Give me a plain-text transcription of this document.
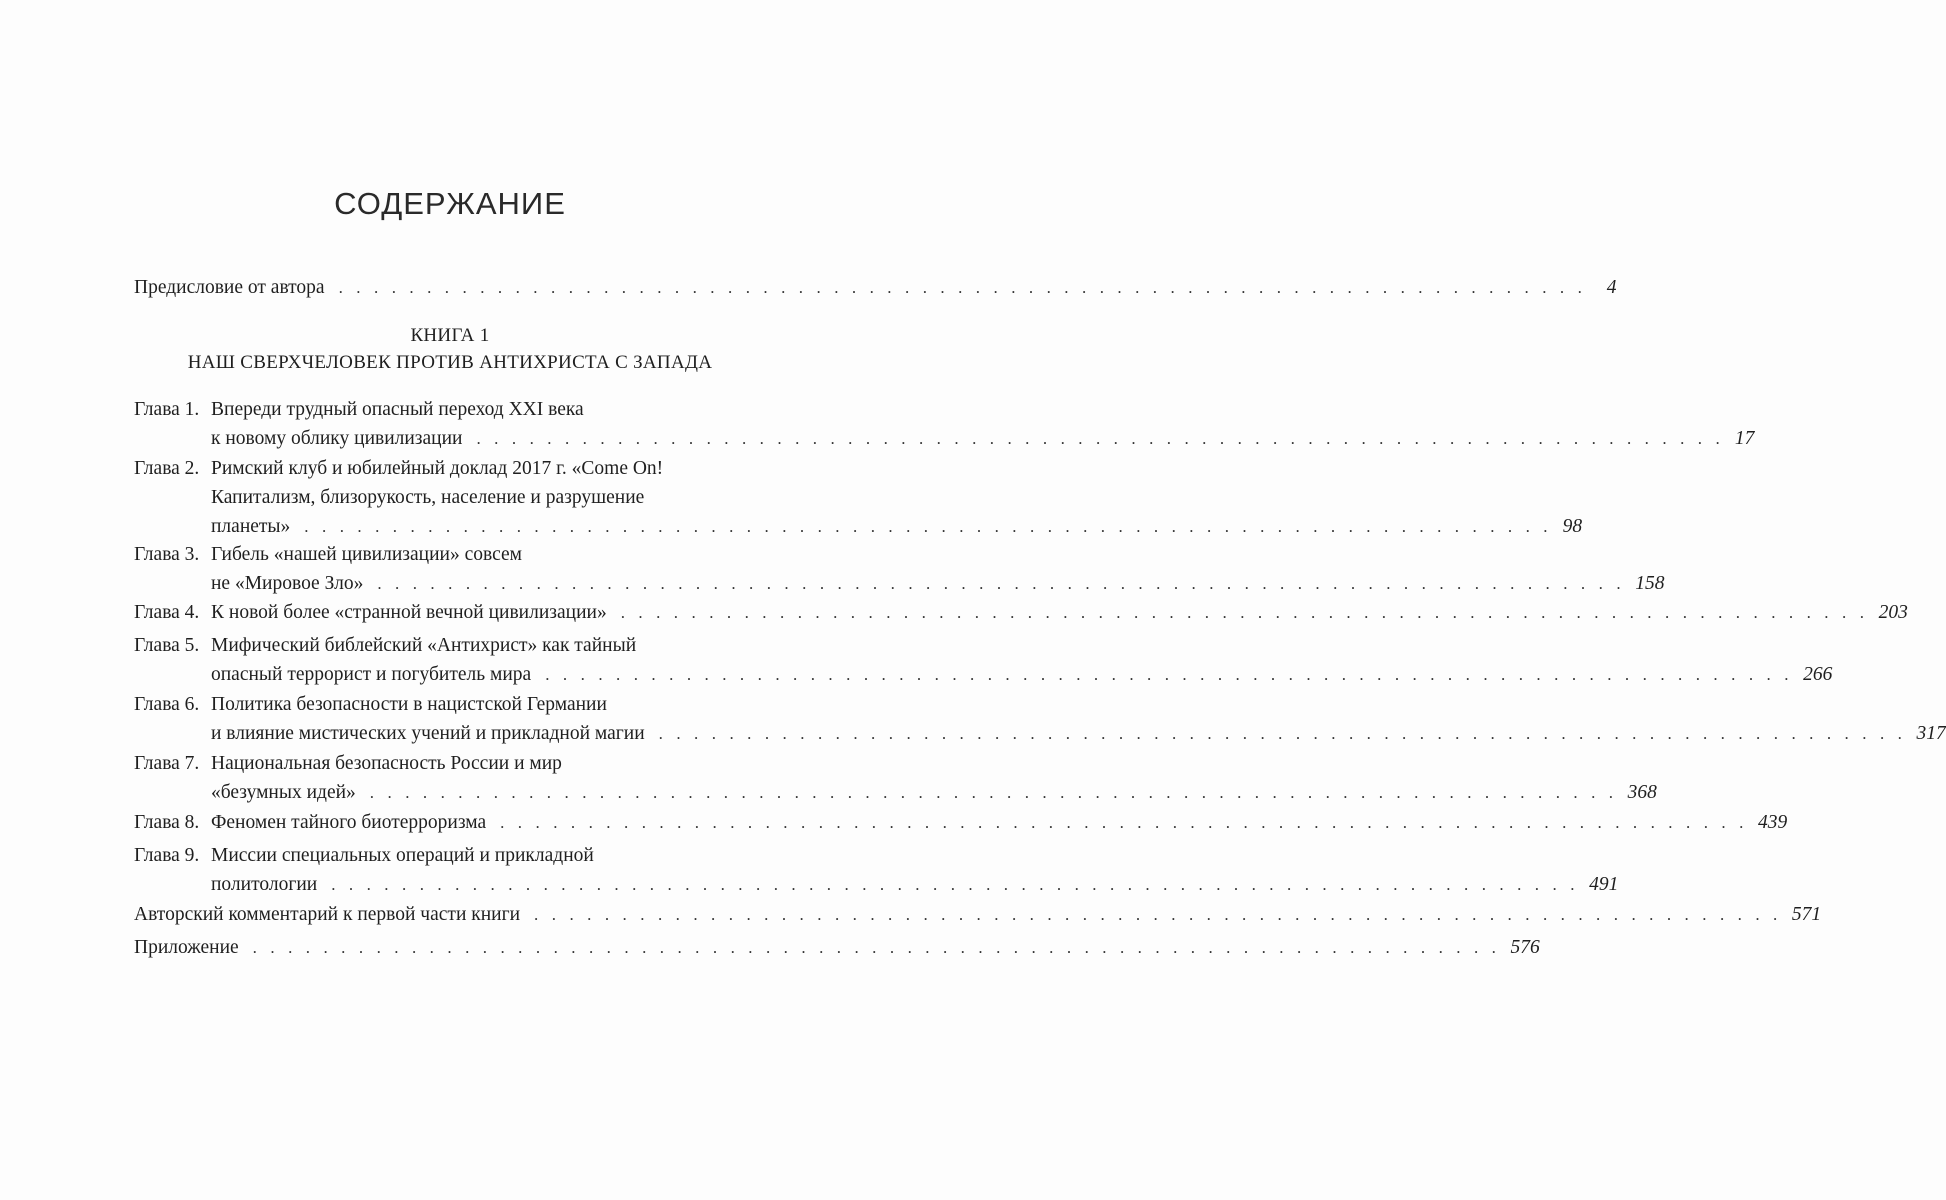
СОДЕРЖАНИЕ
Предисловие от автора . . . . . . . . . . . . . . . . . . . . . . . . . . . . . . . . . . . . . . . . . . . . . . . . . . . . . . . . . . . . . . . . . . . . . . .	4
КНИГА 1
НАШ СВЕРХЧЕЛОВЕК ПРОТИВ АНТИХРИСТА С ЗАПАДА
Глава 1. Впереди трудный опасный переход XXI века
к новому облику цивилизации . . . . . . . . . . . . . . . . . . . . . . . . . . . . . . . . . . . . . . . . . . . . . . . . . . . . . . . . . . . . . . . . . . . . . . . 17
Глава 2. Римский клуб и юбилейный доклад 2017 г. «Come On!
Капитализм, близорукость, население и разрушение
планеты» . . . . . . . . . . . . . . . . . . . . . . . . . . . . . . . . . . . . . . . . . . . . . . . . . . . . . . . . . . . . . . . . . . . . . . . 98
Глава 3. Гибель «нашей цивилизации» совсем
не «Мировое Зло» . . . . . . . . . . . . . . . . . . . . . . . . . . . . . . . . . . . . . . . . . . . . . . . . . . . . . . . . . . . . . . . . . . . . . . . 158
Глава 4. К новой более «странной вечной цивилизации» . . . . . . . . . . . . . . . . . . . . . . . . . . . . . . . . . . . . . . . . . . . . . . . . . . . . . . . . . . . . . . . . . . . . . . . 203
Глава 5. Мифический библейский «Антихрист» как тайный
опасный террорист и погубитель мира . . . . . . . . . . . . . . . . . . . . . . . . . . . . . . . . . . . . . . . . . . . . . . . . . . . . . . . . . . . . . . . . . . . . . . . 266
Глава 6. Политика безопасности в нацистской Германии
и влияние мистических учений и прикладной магии . . . . . . . . . . . . . . . . . . . . . . . . . . . . . . . . . . . . . . . . . . . . . . . . . . . . . . . . . . . . . . . . . . . . . . . 317
Глава 7. Национальная безопасность России и мир
«безумных идей» . . . . . . . . . . . . . . . . . . . . . . . . . . . . . . . . . . . . . . . . . . . . . . . . . . . . . . . . . . . . . . . . . . . . . . . 368
Глава 8. Феномен тайного биотерроризма . . . . . . . . . . . . . . . . . . . . . . . . . . . . . . . . . . . . . . . . . . . . . . . . . . . . . . . . . . . . . . . . . . . . . . . 439
Глава 9. Миссии специальных операций и прикладной
политологии . . . . . . . . . . . . . . . . . . . . . . . . . . . . . . . . . . . . . . . . . . . . . . . . . . . . . . . . . . . . . . . . . . . . . . . 491
Авторский комментарий к первой части книги . . . . . . . . . . . . . . . . . . . . . . . . . . . . . . . . . . . . . . . . . . . . . . . . . . . . . . . . . . . . . . . . . . . . . . . 571
Приложение . . . . . . . . . . . . . . . . . . . . . . . . . . . . . . . . . . . . . . . . . . . . . . . . . . . . . . . . . . . . . . . . . . . . . . . 576
